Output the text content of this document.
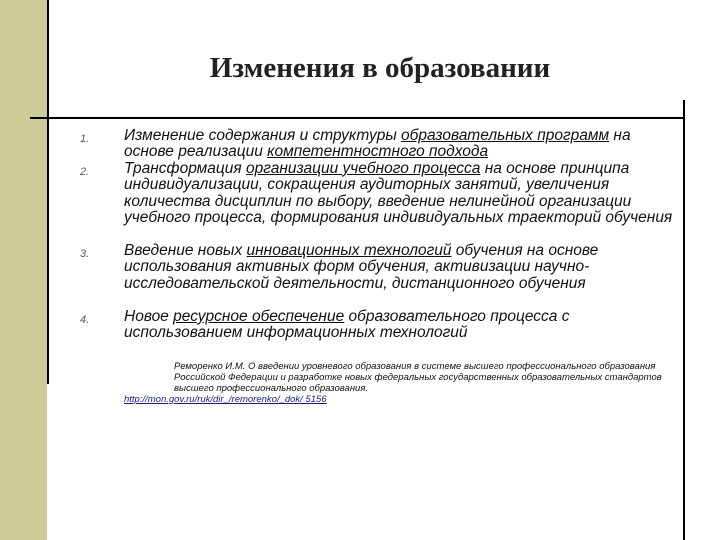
Изменения в образовании
1. Изменение содержания и структуры образовательных программ на основе реализации компетентностного подхода
2. Трансформация организации учебного процесса на основе принципа индивидуализации, сокращения аудиторных занятий, увеличения количества дисциплин по выбору, введение нелинейной организации учебного процесса, формирования индивидуальных траекторий обучения
3. Введение новых инновационных технологий обучения на основе использования активных форм обучения, активизации научно-исследовательской деятельности, дистанционного обучения
4. Новое ресурсное обеспечение образовательного процесса с использованием информационных технологий
Реморенко И.М. О введении уровневого образования в системе высшего профессионального образования Российской Федерации и разработке новых федеральных государственных образовательных стандартов высшего профессионального образования.
http://mon.gov.ru/ruk/dir_/remorenko/_dok/ 5156
